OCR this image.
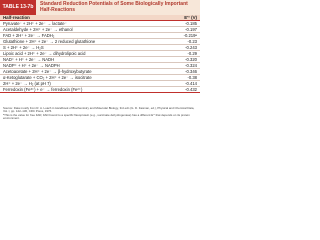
TABLE 13-7b	Standard Reduction Potentials of Some Biologically Important Half-Reactions
Half-reaction	E'° (V)
Pyruvate⁻ + 2H⁺ + 2e⁻ → lactate⁻	-0.185
Acetaldehyde + 2H⁺ + 2e⁻ → ethanol	-0.197
FAD + 2H⁺ + 2e⁻ → FADH₂	-0.219ᵃ
Glutathione + 2H⁺ + 2e⁻ → 2 reduced glutathione	-0.23
S + 2H⁺ + 2e⁻ → H₂S	-0.243
Lipoic acid + 2H⁺ + 2e⁻ → dihydrolipoic acid	-0.29
NAD⁺ + H⁺ + 2e⁻ → NADH	-0.320
NADP⁺ + H⁺ + 2e⁻ → NADPH	-0.324
Acetoacetate + 2H⁺ + 2e⁻ → β-hydroxybutyrate	-0.346
α-Ketoglutarate + CO₂ + 2H⁺ + 2e⁻ → isocitrate	-0.38
2H⁺ + 2e⁻ → H₂ (at pH 7)	-0.414
Ferredoxin (Fe³⁺) + e⁻ → ferredoxin (Fe²⁺)	-0.432

Source: Data mostly from R. A. Loach in Handbook of Biochemistry and Molecular Biology, 3rd edn (G. D. Fasman, ed.), Physical and Chemical Data, Vol. I, pp. 122–130, CRC Press, 1976.

ᵃThis is the value for free FAD; FAD bound to a specific flavoprotein (e.g., succinate dehydrogenase) has a different E'° that depends on its protein environment.
